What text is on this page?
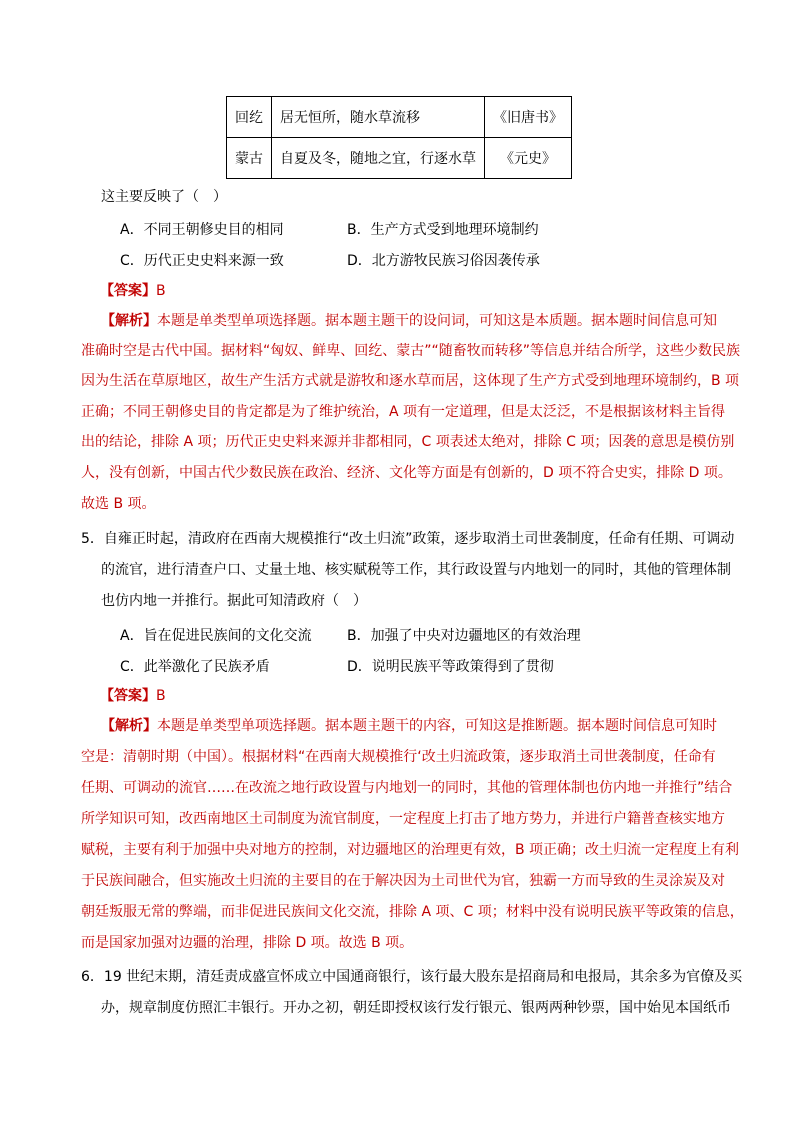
回纥	居无恒所，随水草流移	《旧唐书》
蒙古	自夏及冬，随地之宜，行逐水草	《元史》
这主要反映了（　）
A．不同王朝修史目的相同	B．生产方式受到地理环境制约
C．历代正史史料来源一致	D．北方游牧民族习俗因袭传承
【答案】B
【解析】本题是单类型单项选择题。据本题主题干的设问词，可知这是本质题。据本题时间信息可知
准确时空是古代中国。据材料“匈奴、鲜卑、回纥、蒙古”“随畜牧而转移”等信息并结合所学，这些少数民族
因为生活在草原地区，故生产生活方式就是游牧和逐水草而居，这体现了生产方式受到地理环境制约，B 项
正确；不同王朝修史目的肯定都是为了维护统治，A 项有一定道理，但是太泛泛，不是根据该材料主旨得
出的结论，排除 A 项；历代正史史料来源并非都相同，C 项表述太绝对，排除 C 项；因袭的意思是模仿别
人，没有创新，中国古代少数民族在政治、经济、文化等方面是有创新的，D 项不符合史实，排除 D 项。
故选 B 项。
5．自雍正时起，清政府在西南大规模推行“改土归流”政策，逐步取消土司世袭制度，任命有任期、可调动
的流官，进行清查户口、丈量土地、核实赋税等工作，其行政设置与内地划一的同时，其他的管理体制
也仿内地一并推行。据此可知清政府（　）
A．旨在促进民族间的文化交流	B．加强了中央对边疆地区的有效治理
C．此举激化了民族矛盾	D．说明民族平等政策得到了贯彻
【答案】B
【解析】本题是单类型单项选择题。据本题主题干的内容，可知这是推断题。据本题时间信息可知时
空是：清朝时期（中国）。根据材料“在西南大规模推行‘改土归流政策，逐步取消土司世袭制度，任命有
任期、可调动的流官……在改流之地行政设置与内地划一的同时，其他的管理体制也仿内地一并推行”结合
所学知识可知，改西南地区土司制度为流官制度，一定程度上打击了地方势力，并进行户籍普查核实地方
赋税，主要有利于加强中央对地方的控制，对边疆地区的治理更有效，B 项正确；改土归流一定程度上有利
于民族间融合，但实施改土归流的主要目的在于解决因为土司世代为官，独霸一方而导致的生灵涂炭及对
朝廷叛服无常的弊端，而非促进民族间文化交流，排除 A 项、C 项；材料中没有说明民族平等政策的信息，
而是国家加强对边疆的治理，排除 D 项。故选 B 项。
6．19 世纪末期，清廷责成盛宣怀成立中国通商银行，该行最大股东是招商局和电报局，其余多为官僚及买
办，规章制度仿照汇丰银行。开办之初，朝廷即授权该行发行银元、银两两种钞票，国中始见本国纸币
